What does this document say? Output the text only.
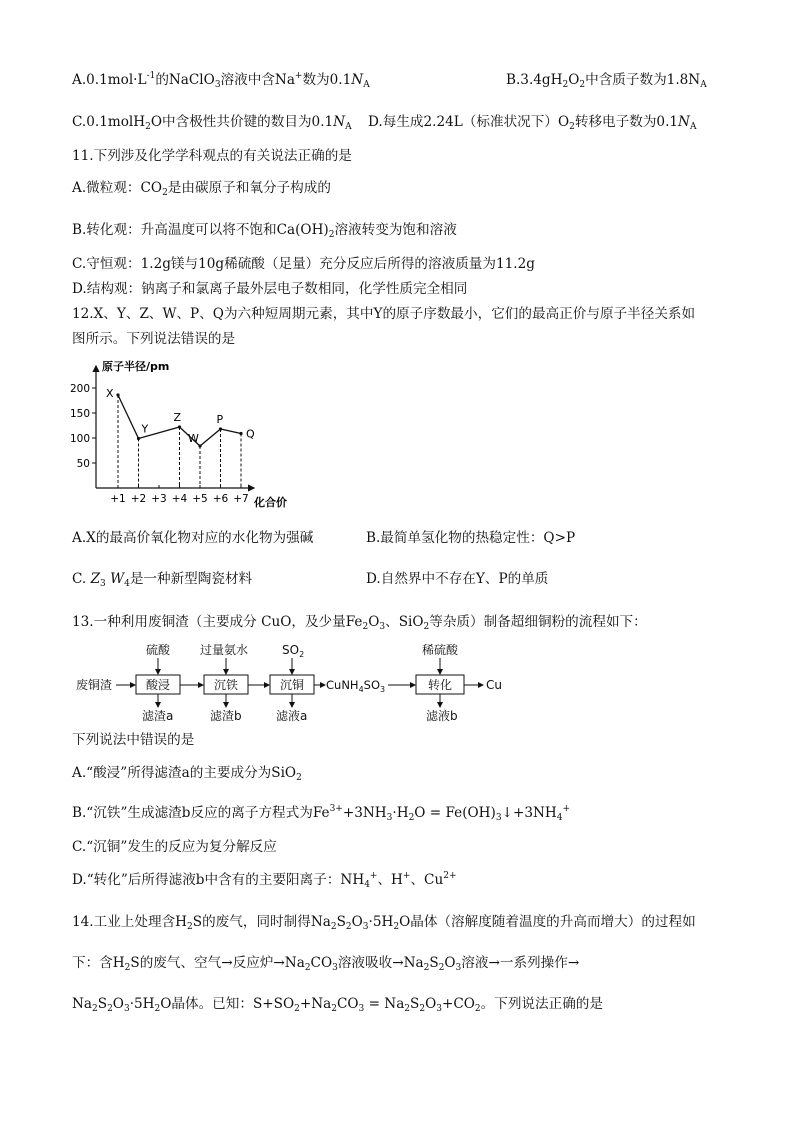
$A.0.1mol\cdot L^{-1}$的NaClO$_3$溶液中含Na+数为$0.1N_A$	$B.3.4gH_2O_2$中含质子数为$1.8N_A$
C.0.1molH$_2$O中含极性共价键的数目为$0.1N_A$ D.每生成2.24L（标准状况下）$O_2$转移电子数为$0.1N_A$
11.下列涉及化学学科观点的有关说法正确的是
A.微粒观：$CO_2$是由碳原子和氧分子构成的
B.转化观：升高温度可以将不饱和$Ca(OH)_2$溶液转变为饱和溶液
C.守恒观：1.2g镁与10g稀硫酸（足量）充分反应后所得的溶液质量为11.2g
D.结构观：钠离子和氯离子最外层电子数相同，化学性质完全相同
12.X、Y、Z、W、P、Q为六种短周期元素，其中Y的原子序数最小，它们的最高正价与原子半径关系如
图所示。下列说法错误的是
200
150
100
50
+1 +2 +3 +4 +5 +6 +7
X
Y
Z
W
P
Q
原子半径/pm
化合价
A.X的最高价氧化物对应的水化物为强碱	B.最简单氢化物的热稳定性：Q>P
C. $Z_3$ $W_4$是一种新型陶瓷材料	D.自然界中不存在Y、P的单质
13.一种利用废铜渣（主要成分 CuO，及少量$Fe_2O_3$、SiO$_2$等杂质）制备超细铜粉的流程如下：
废铜渣	酸浸
硫酸
滤渣a
沉铁
过量氨水
滤渣b
沉铜
$SO_2$
滤液a
$CuNH_4SO_3$	转化
稀硫酸
滤液b
Cu
下列说法中错误的是
A.“酸浸”所得滤渣a的主要成分为SiO$_2$
B.“沉铁”生成滤渣b反应的离子方程式为$Fe^{3+}+3NH_3\cdot H_2O$ = $Fe(OH)_3↓+3NH_4^+$
C.“沉铜”发生的反应为复分解反应
D.“转化”后所得滤液b中含有的主要阳离子：$NH_4^+$、H+、$Cu^{2+}$
14.工业上处理含$H_2S$的废气，同时制得$Na_2S_2O_3\cdot 5H_2O$晶体（溶解度随着温度的升高而增大）的过程如
下：含$H_2S$的废气、空气→反应炉$\to Na_2CO_3$溶液吸收$\to Na_2S_2O_3$溶液→一系列操作→
$Na_2S_2O_3\cdot 5H_2O$晶体。已知：$S+SO_2+Na_2CO_3 = Na_2S_2O_3+CO_2$。下列说法正确的是
